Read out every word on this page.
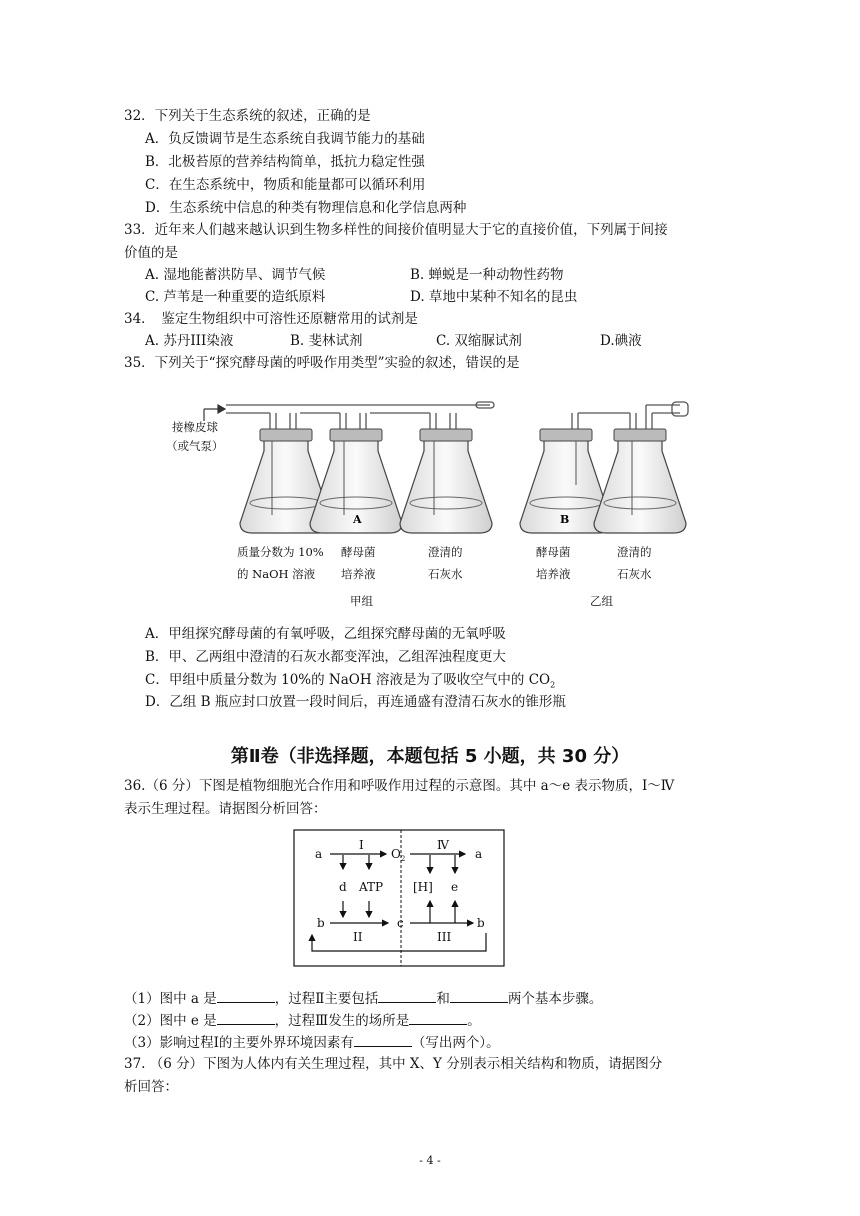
32．下列关于生态系统的叙述，正确的是
A．负反馈调节是生态系统自我调节能力的基础
B．北极苔原的营养结构简单，抵抗力稳定性强
C．在生态系统中，物质和能量都可以循环利用
D．生态系统中信息的种类有物理信息和化学信息两种
33．近年来人们越来越认识到生物多样性的间接价值明显大于它的直接价值，下列属于间接
价值的是
A. 湿地能蓄洪防旱、调节气候	B. 蝉蜕是一种动物性药物
C. 芦苇是一种重要的造纸原料	D. 草地中某种不知名的昆虫
34．　鉴定生物组织中可溶性还原糖常用的试剂是
A. 苏丹III染液	B. 斐林试剂	C. 双缩脲试剂	D.碘液
35．下列关于“探究酵母菌的呼吸作用类型”实验的叙述，错误的是
A	B
接橡皮球
（或气泵）
质量分数为 10%
的 NaOH 溶液
酵母菌
培养液
澄清的
石灰水
酵母菌
培养液
澄清的
石灰水
甲组	乙组
A．甲组探究酵母菌的有氧呼吸，乙组探究酵母菌的无氧呼吸
B．甲、乙两组中澄清的石灰水都变浑浊，乙组浑浊程度更大
C．甲组中质量分数为 10%的 NaOH 溶液是为了吸收空气中的 $CO_2$
D．乙组 B 瓶应封口放置一段时间后，再连通盛有澄清石灰水的锥形瓶
第Ⅱ卷（非选择题，本题包括 5 小题，共 30 分）
36.（6 分）下图是植物细胞光合作用和呼吸作用过程的示意图。其中 a～e 表示物质，Ⅰ～Ⅳ
表示生理过程。请据图分析回答：
a
I
$O_2$
Ⅳ
a
d ATP [H] e
b
II
c
III
b
（1）图中 a 是	，过程Ⅱ主要包括	和	两个基本步骤。
（2）图中 e 是	，过程Ⅲ发生的场所是	。
（3）影响过程Ⅰ的主要外界环境因素有	（写出两个）。
37. （6 分）下图为人体内有关生理过程，其中 X、Y 分别表示相关结构和物质，请据图分
析回答：
- 4 -
